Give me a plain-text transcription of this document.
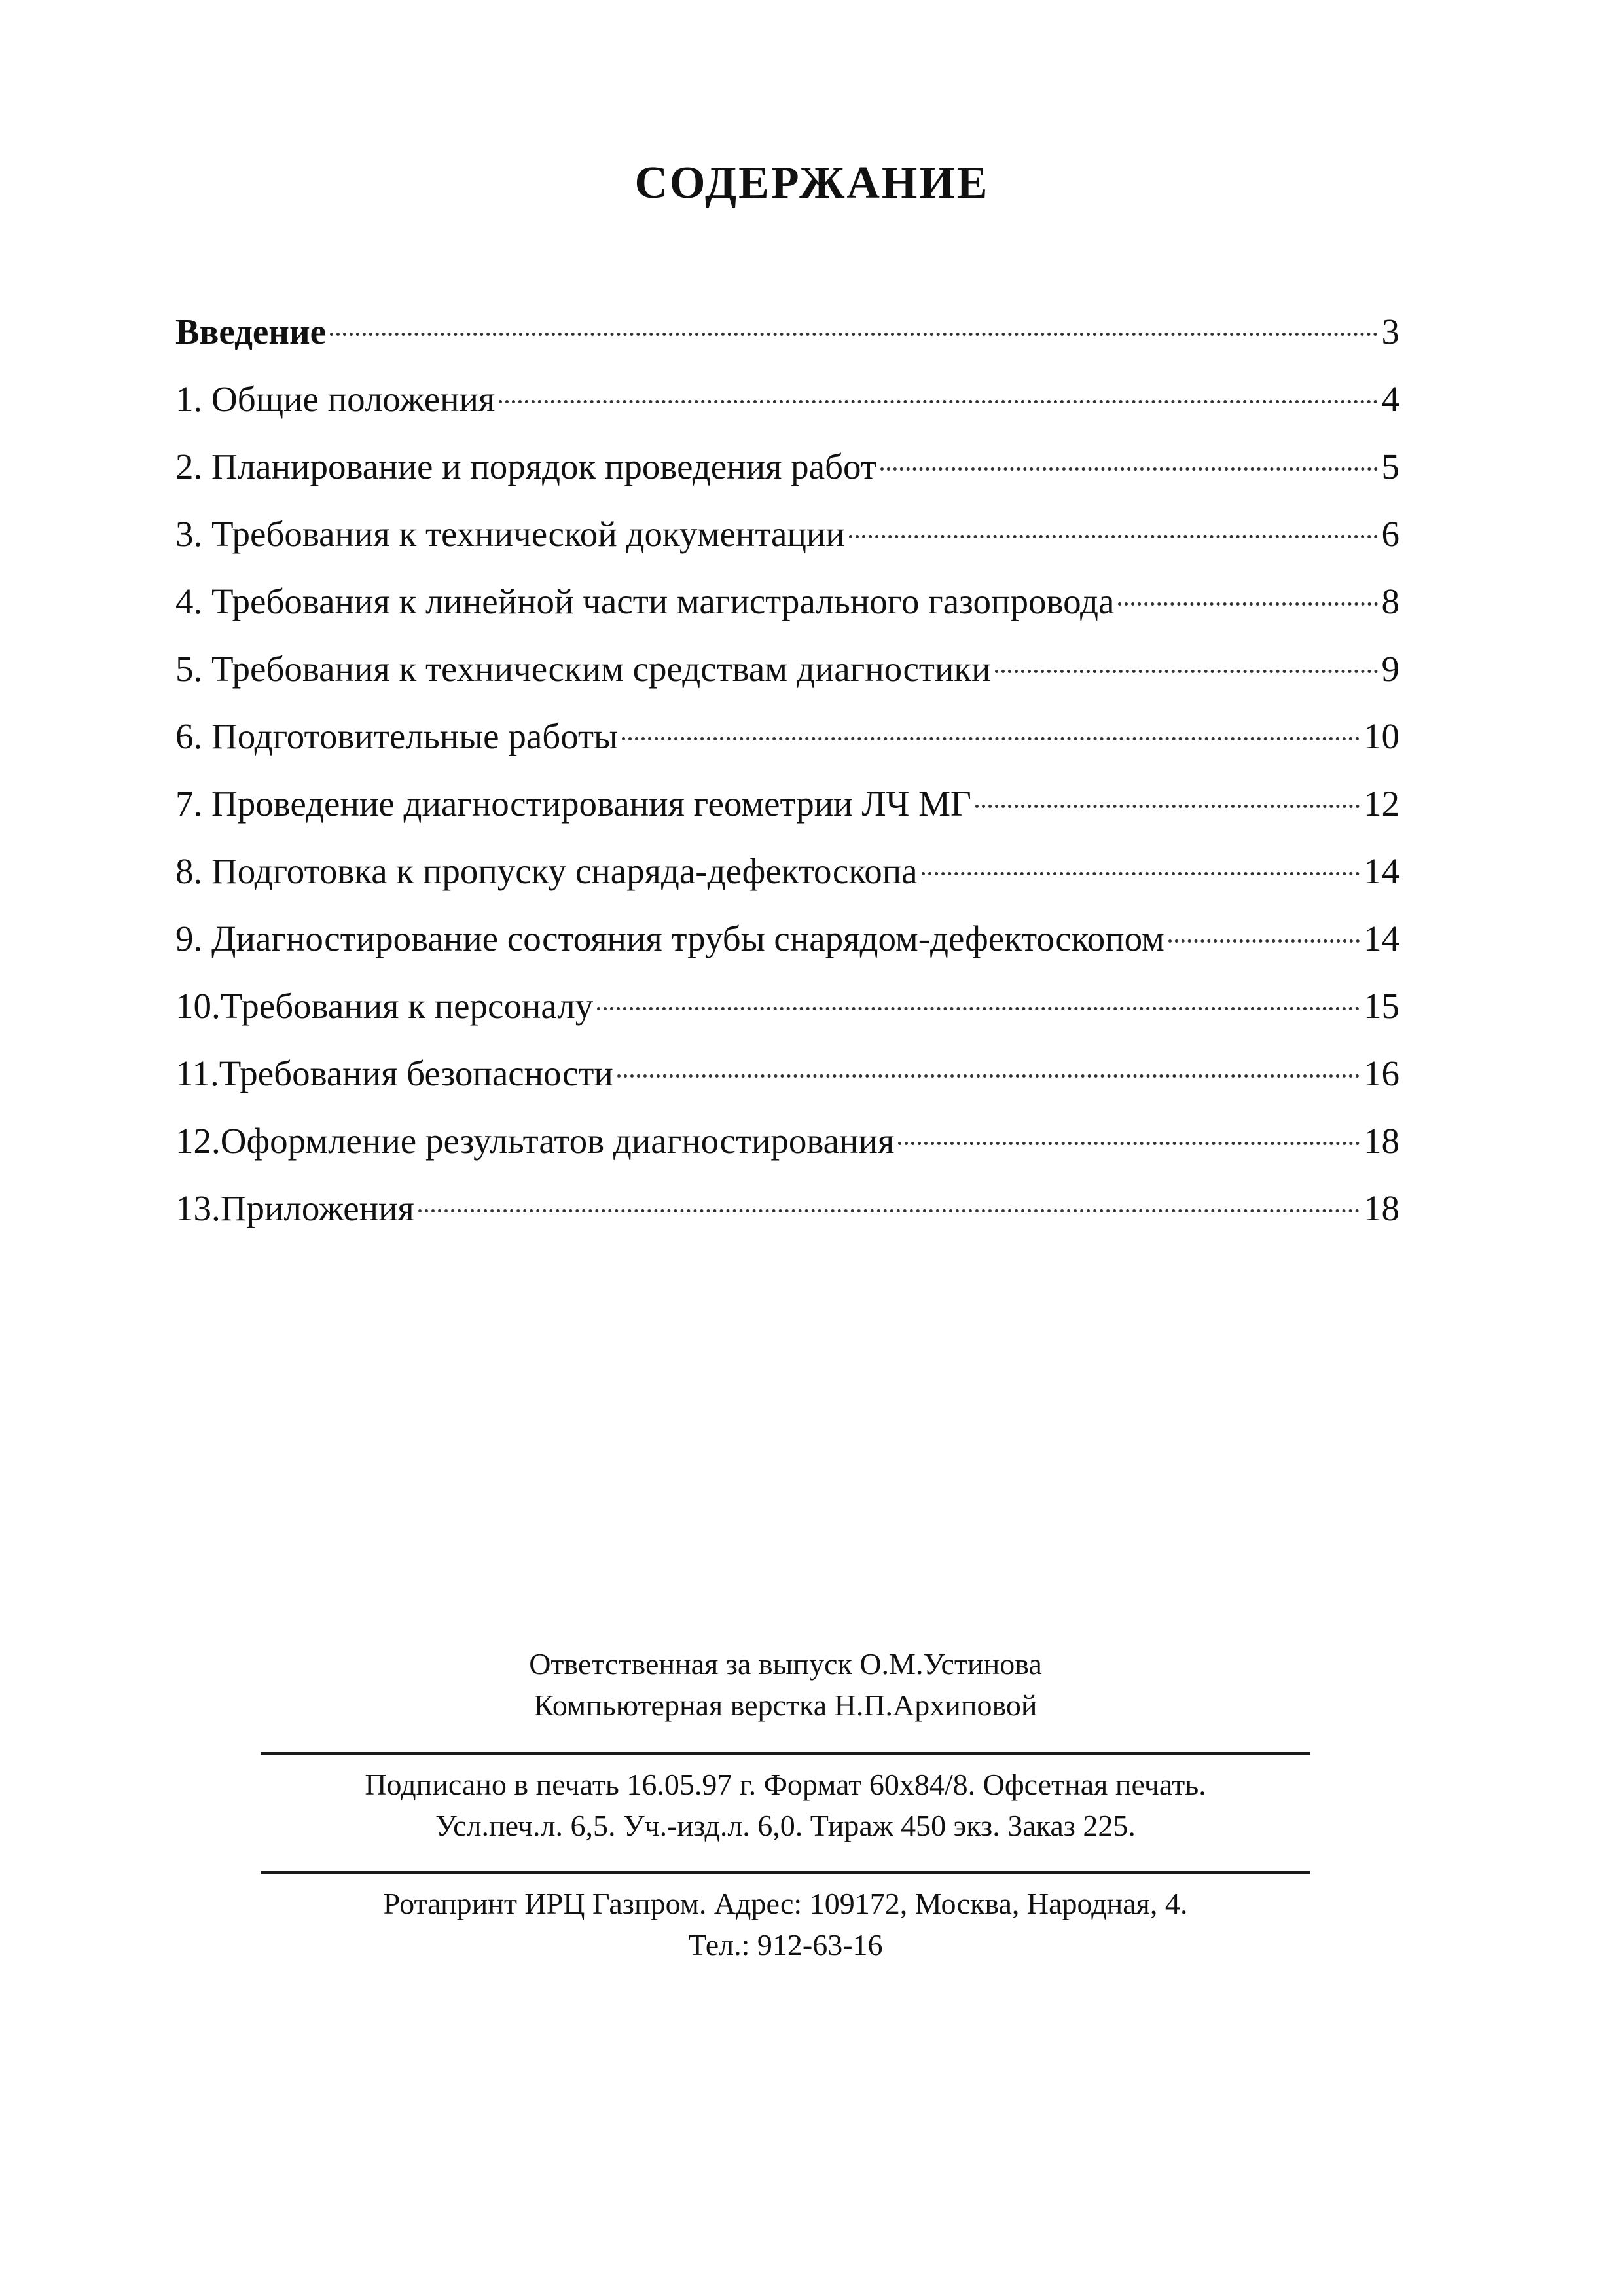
СОДЕРЖАНИЕ
Введение	3
1. Общие положения	4
2. Планирование и порядок проведения работ	5
3. Требования к технической документации	6
4. Требования к линейной части магистрального газопровода	8
5. Требования к техническим средствам диагностики	9
6. Подготовительные работы	10
7. Проведение диагностирования геометрии ЛЧ МГ	12
8. Подготовка к пропуску снаряда-дефектоскопа	14
9. Диагностирование состояния трубы снарядом-дефектоскопом	14
10.Требования к персоналу	15
11.Требования безопасности	16
12.Оформление результатов диагностирования	18
13.Приложения	18

Ответственная за выпуск О.М.Устинова

Компьютерная верстка Н.П.Архиповой

Подписано в печать 16.05.97 г. Формат 60x84/8. Офсетная печать.

Усл.печ.л. 6,5. Уч.-изд.л. 6,0. Тираж 450 экз. Заказ 225.

Ротапринт ИРЦ Газпром. Адрес: 109172, Москва, Народная, 4.

Тел.: 912-63-16
